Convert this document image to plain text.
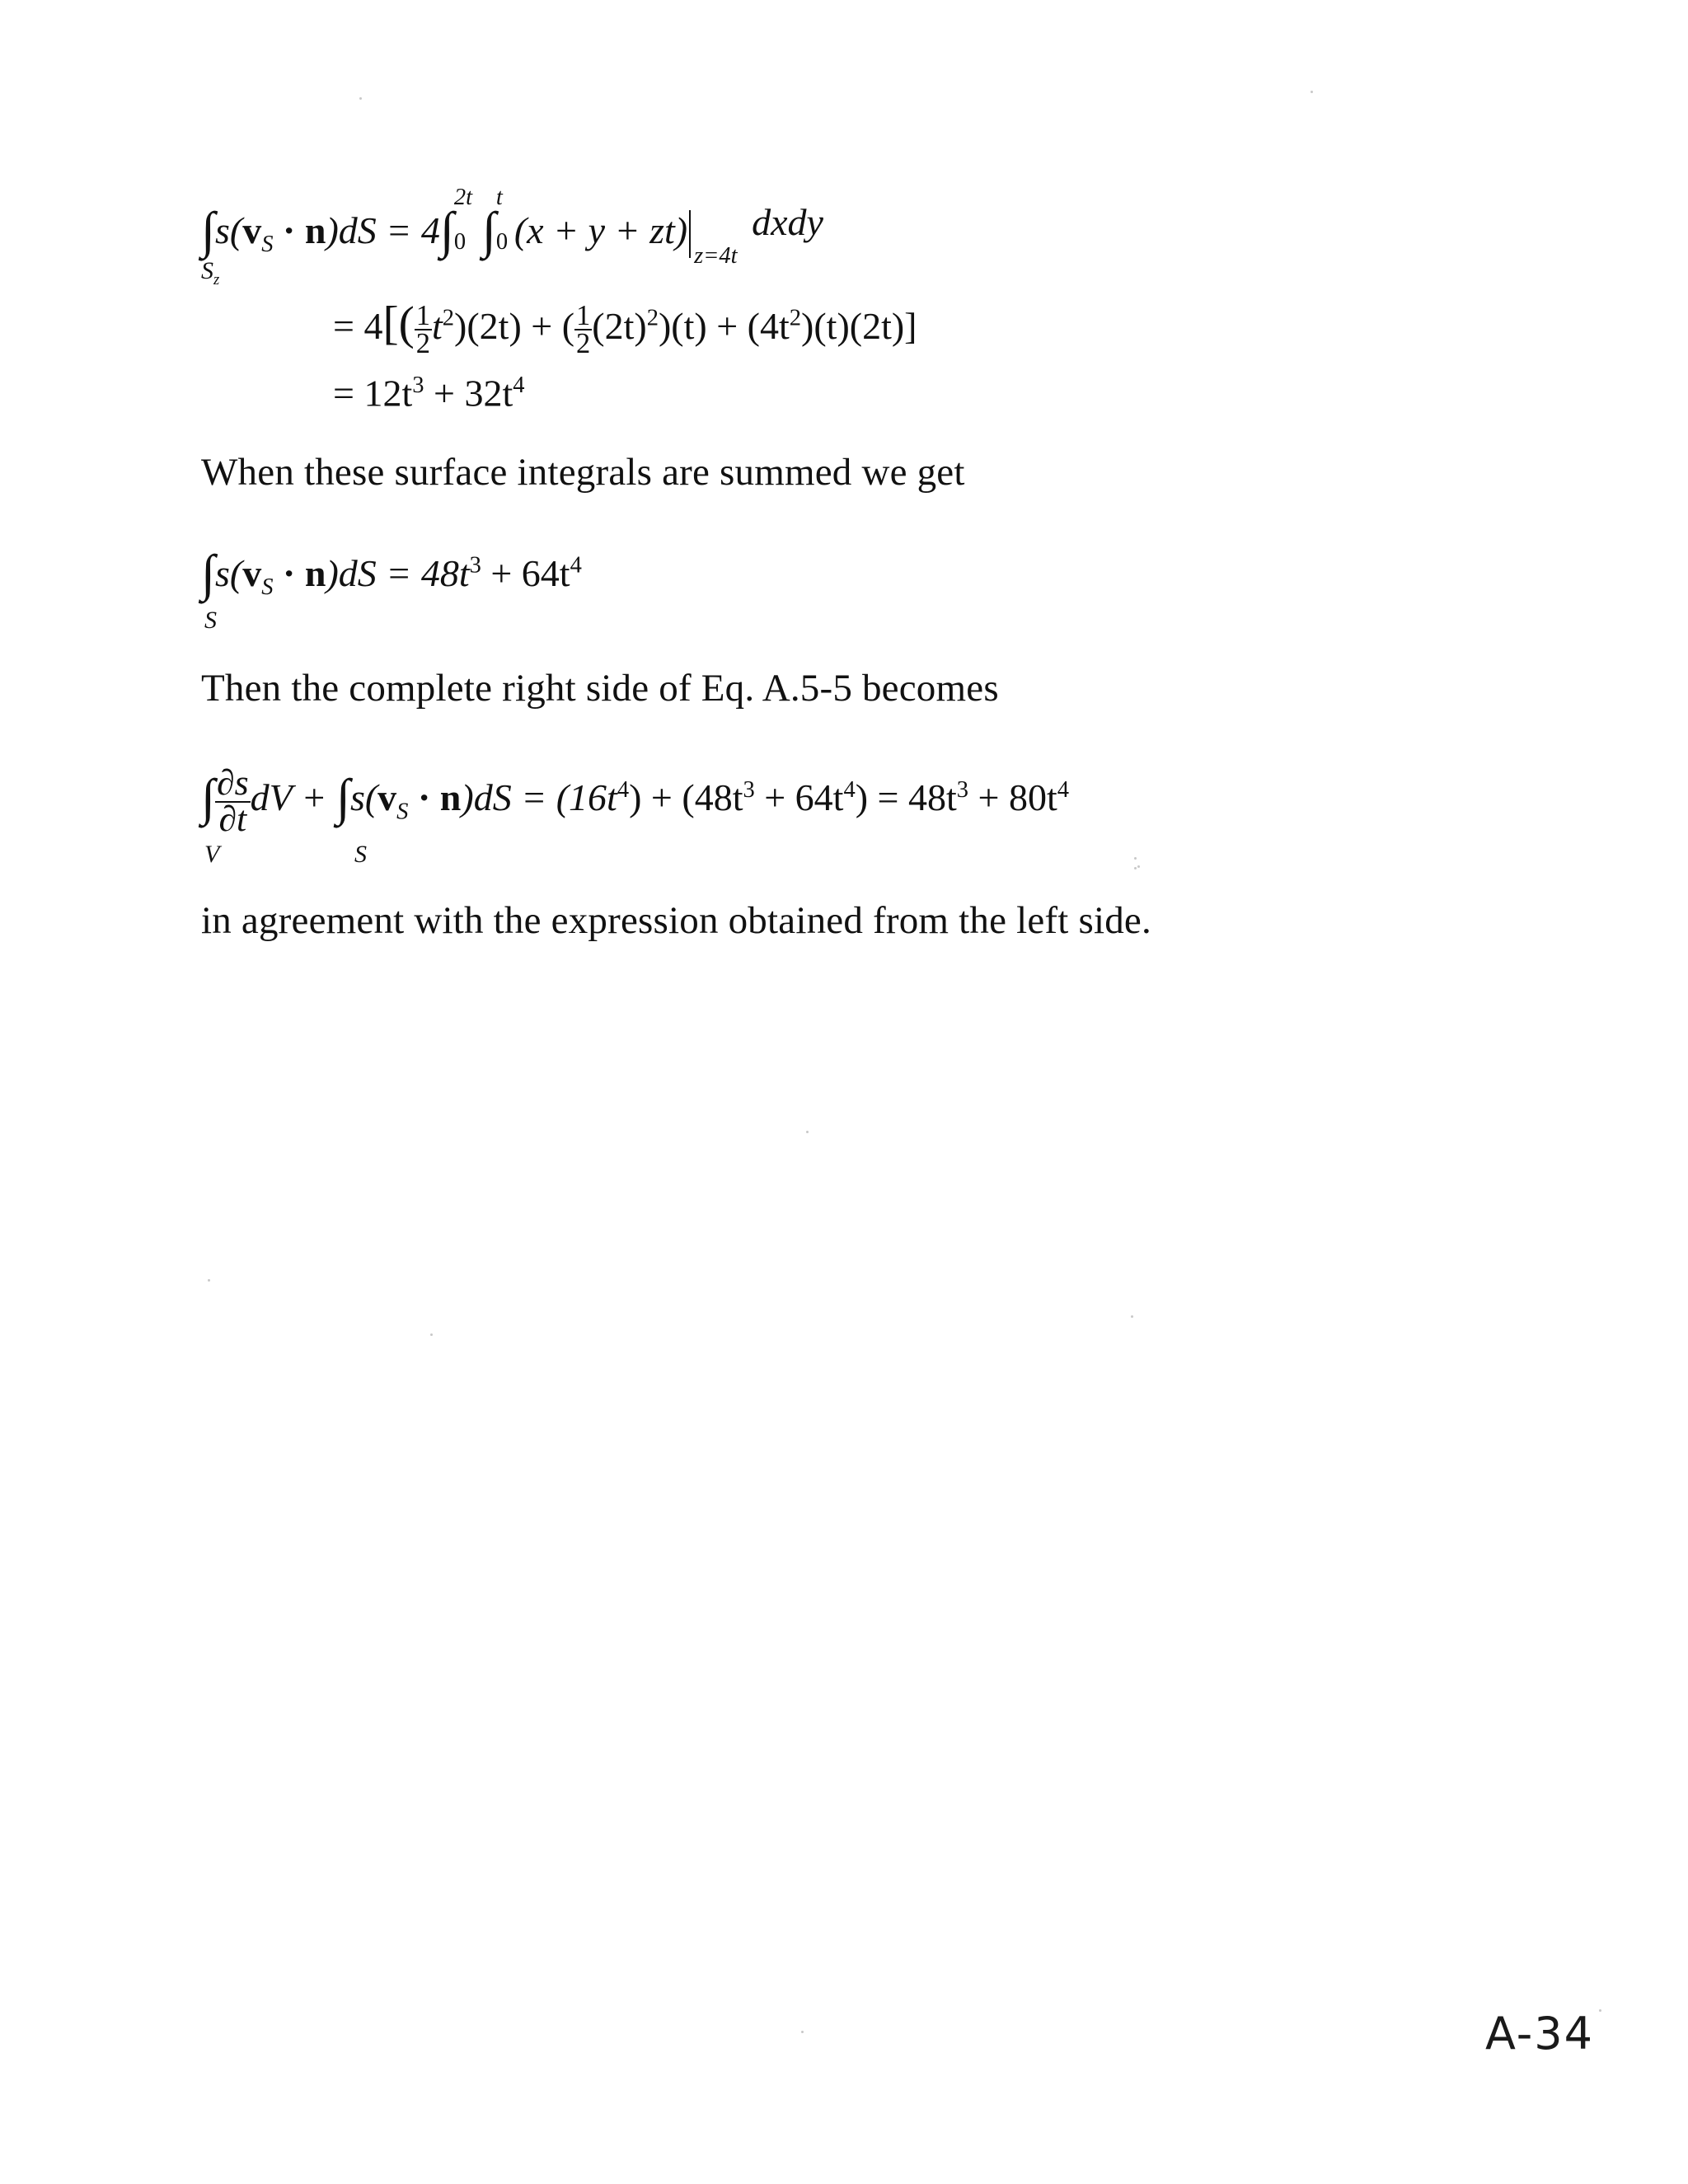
$\int s(v_S \cdot n)dS = 4\int$
2t
0 ∫
t
0 $(x + y + zt)_{z=4t}$ dxdy
$S_z$
= $4[( \frac{1}{2} t^2)(2t)$ + ( $\frac{1}{2} (2t)^2)(t) + (4t^2)(t)(2t)$]
= $12t^3 + 32t^4$
When these surface integrals are summed we get
$\int s(v_S \cdot n)dS = 48t^3 + 64t^4$
S
Then the complete right side of Eq. A.5-5 becomes
∫ $\frac{\partial s}{\partial t}$ dV + $\int s(v_S \cdot n)dS = (16t^4) + (48t^3 + 64t^4) = 48t^3 + 80t^4$
V	S
in agreement with the expression obtained from the left side.
A-34
